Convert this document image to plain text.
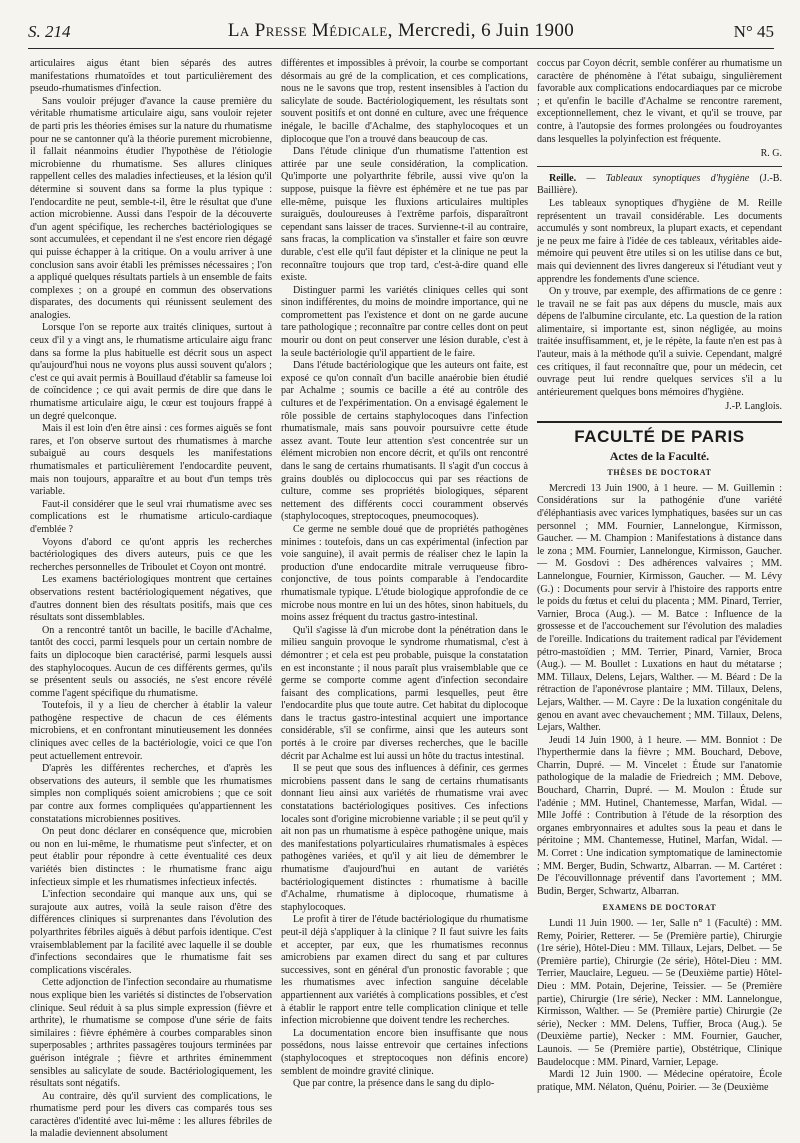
S. 214	La Presse Médicale, Mercredi, 6 Juin 1900	N° 45

articulaires aigus étant bien séparés des autres manifestations rhumatoïdes et tout particulièrement des pseudo-rhumatismes d'infection.

Sans vouloir préjuger d'avance la cause première du véritable rhumatisme articulaire aigu, sans vouloir rejeter de parti pris les théories émises sur la nature du rhumatisme pour ne se cantonner qu'à la théorie purement microbienne, il fallait néanmoins étudier l'hypothèse de l'étiologie microbienne du rhumatisme. Ses allures cliniques rappellent celles des maladies infectieuses, et la lésion qu'il détermine si souvent dans sa forme la plus typique : l'endocardite ne peut, semble-t-il, être le résultat que d'une action microbienne. Aussi dans l'espoir de la découverte d'un agent spécifique, les recherches bactériologiques se sont accumulées, et cependant il ne s'est encore rien dégagé qui puisse échapper à la critique. On a voulu arriver à une conclusion sans avoir établi les prémisses nécessaires ; l'on a appliqué quelques résultats partiels à un ensemble de faits complexes ; on a groupé en commun des observations disparates, des documents qui réunissent seulement des analogies.

Lorsque l'on se reporte aux traités cliniques, surtout à ceux d'il y a vingt ans, le rhumatisme articulaire aigu franc dans sa forme la plus habituelle est décrit sous un aspect qu'aujourd'hui nous ne voyons plus aussi souvent qu'alors ; c'est ce qui avait permis à Bouillaud d'établir sa fameuse loi de coïncidence ; ce qui avait permis de dire que dans le rhumatisme articulaire aigu, le cœur est toujours frappé à un degré quelconque.

Mais il est loin d'en être ainsi : ces formes aiguës se font rares, et l'on observe surtout des rhumatismes à marche subaiguë au cours desquels les manifestations rhumatismales et particulièrement l'endocardite peuvent, mais non toujours, apparaître et au bout d'un temps très variable.

Faut-il considérer que le seul vrai rhumatisme avec ses complications est le rhumatisme articulo-cardiaque d'emblée ?

Voyons d'abord ce qu'ont appris les recherches bactériologiques des divers auteurs, puis ce que les recherches personnelles de Triboulet et Coyon ont montré.

Les examens bactériologiques montrent que certaines observations restent bactériologiquement négatives, que d'autres donnent bien des résultats positifs, mais que ces résultats sont dissemblables.

On a rencontré tantôt un bacille, le bacille d'Achalme, tantôt des cocci, parmi lesquels pour un certain nombre de faits un diplocoque bien caractérisé, parmi lesquels aussi des staphylocoques. Aucun de ces différents germes, qu'ils se présentent seuls ou associés, ne s'est encore révélé comme l'agent spécifique du rhumatisme.

Toutefois, il y a lieu de chercher à établir la valeur pathogène respective de chacun de ces éléments microbiens, et en confrontant minutieusement les données cliniques avec celles de la bactériologie, voici ce que l'on peut actuellement entrevoir.

D'après les différentes recherches, et d'après les observations des auteurs, il semble que les rhumatismes simples non compliqués soient amicrobiens ; que ce soit par contre aux formes compliquées qu'appartiennent les constatations microbiennes positives.

On peut donc déclarer en conséquence que, microbien ou non en lui-même, le rhumatisme peut s'infecter, et on peut établir pour répondre à cette éventualité ces deux variétés bien distinctes : le rhumatisme franc aigu infectieux simple et les rhumatismes infectieux infectés.

L'infection secondaire qui manque aux uns, qui se surajoute aux autres, voilà la seule raison d'être des différences cliniques si surprenantes dans l'évolution des polyarthrites fébriles aiguës à début parfois identique. C'est vraisemblablement par la facilité avec laquelle il se double d'infections secondaires que le rhumatisme fait ses complications viscérales.

Cette adjonction de l'infection secondaire au rhumatisme nous explique bien les variétés si distinctes de l'observation clinique. Seul réduit à sa plus simple expression (fièvre et arthrite), le rhumatisme se compose d'une série de faits similaires : fièvre éphémère à courbes comparables sinon superposables ; arthrites passagères toujours terminées par guérison intégrale ; fièvre et arthrites éminemment sensibles au salicylate de soude. Bactériologiquement, les résultats sont négatifs.

Au contraire, dès qu'il survient des complications, le rhumatisme perd pour les divers cas comparés tous ses caractères d'identité avec lui-même : les allures fébriles de la maladie deviennent absolument

différentes et impossibles à prévoir, la courbe se comportant désormais au gré de la complication, et ces complications, nous ne le savons que trop, restent insensibles à l'action du salicylate de soude. Bactériologiquement, les résultats sont souvent positifs et ont donné en culture, avec une fréquence inégale, le bacille d'Achalme, des staphylocoques et un diplocoque que l'on a trouvé dans beaucoup de cas.

Dans l'étude clinique d'un rhumatisme l'attention est attirée par une seule considération, la complication. Qu'importe une polyarthrite fébrile, aussi vive qu'on la suppose, puisque la fièvre est éphémère et ne tue pas par elle-même, puisque les fluxions articulaires multiples suraiguës, douloureuses à l'extrême parfois, disparaîtront cependant sans laisser de traces. Survienne-t-il au contraire, sans fracas, la complication va s'installer et faire son œuvre durable, c'est elle qu'il faut dépister et la clinique ne peut la reconnaître toujours que trop tard, c'est-à-dire quand elle existe.

Distinguer parmi les variétés cliniques celles qui sont sinon indifférentes, du moins de moindre importance, qui ne compromettent pas l'existence et dont on ne garde aucune tare pathologique ; reconnaître par contre celles dont on peut mourir ou dont on peut conserver une lésion durable, c'est à la seule bactériologie qu'il appartient de le faire.

Dans l'étude bactériologique que les auteurs ont faite, est exposé ce qu'on connaît d'un bacille anaérobie bien étudié par Achalme ; soumis ce bacille a été au contrôle des cultures et de l'expérimentation. On a envisagé également le rôle possible de certains staphylocoques dans l'infection rhumatismale, mais sans pouvoir poursuivre cette étude assez avant. Toute leur attention s'est concentrée sur un élément microbien non encore décrit, et qu'ils ont rencontré dans le sang de certains rhumatisants. Il s'agit d'un coccus à grains doublés ou diplococcus qui par ses réactions de culture, comme ses propriétés biologiques, séparent nettement des différents cocci couramment observés (staphylocoques, streptocoques, pneumocoques).

Ce germe ne semble doué que de propriétés pathogènes minimes : toutefois, dans un cas expérimental (infection par voie sanguine), il avait permis de réaliser chez le lapin la production d'une endocardite mitrale verruqueuse fibro-conjonctive, de tous points comparable à l'endocardite rhumatismale typique. L'étude biologique approfondie de ce microbe nous montre en lui un des hôtes, sinon habituels, du moins assez fréquent du tractus gastro-intestinal.

Qu'il s'agisse là d'un microbe dont la pénétration dans le milieu sanguin provoque le syndrome rhumatismal, c'est à démontrer ; et cela est peu probable, puisque la constatation en est inconstante ; il nous paraît plus vraisemblable que ce germe se comporte comme agent d'infection secondaire faisant des complications, parmi lesquelles, peut être l'endocardite plus que toute autre. Cet habitat du diplocoque dans le tractus gastro-intestinal acquiert une importance considérable, s'il se confirme, ainsi que les auteurs sont portés à le croire par diverses recherches, que le bacille décrit par Achalme est lui aussi un hôte du tractus intestinal.

Il se peut que sous des influences à définir, ces germes microbiens passent dans le sang de certains rhumatisants donnant lieu ainsi aux variétés de rhumatisme vrai avec constatations bactériologiques positives. Ces infections locales sont d'origine microbienne variable ; il se peut qu'il y ait non pas un rhumatisme à espèce pathogène unique, mais des manifestations polyarticulaires rhumatismales à espèces pathogènes variées, et qu'il y ait lieu de démembrer le rhumatisme d'aujourd'hui en autant de variétés bactériologiquement distinctes : rhumatisme à bacille d'Achalme, rhumatisme à diplocoque, rhumatisme à staphylocoques.

Le profit à tirer de l'étude bactériologique du rhumatisme peut-il déjà s'appliquer à la clinique ? Il faut suivre les faits et accepter, par eux, que les rhumatismes reconnus amicrobiens par examen direct du sang et par cultures successives, sont en général d'un pronostic favorable ; que les rhumatismes avec infection sanguine décelable appartiennent aux variétés à complications possibles, et c'est à établir le rapport entre telle complication clinique et telle infection microbienne que doivent tendre les recherches.

La documentation encore bien insuffisante que nous possédons, nous laisse entrevoir que certaines infections (staphylocoques et streptocoques non définis encore) semblent de moindre gravité clinique.

Que par contre, la présence dans le sang du diplo-

coccus par Coyon décrit, semble conférer au rhumatisme un caractère de phénomène à l'état subaigu, singulièrement favorable aux complications endocardiaques par ce microbe ; et qu'enfin le bacille d'Achalme se rencontre rarement, exceptionnellement, chez le vivant, et qu'il se trouve, par contre, à l'autopsie des formes prolongées ou foudroyantes dans lesquelles la polyinfection est fréquente.

R. G.

Reille. — Tableaux synoptiques d'hygiène (J.-B. Baillière).

Les tableaux synoptiques d'hygiène de M. Reille représentent un travail considérable. Les documents accumulés y sont nombreux, la plupart exacts, et cependant je ne peux me faire à l'idée de ces tableaux, véritables aide-mémoire qui peuvent être utiles si on les utilise dans ce but, mais qui deviennent des livres dangereux si l'étudiant veut y apprendre les fondements d'une science.

On y trouve, par exemple, des affirmations de ce genre : le travail ne se fait pas aux dépens du muscle, mais aux dépens de l'albumine circulante, etc. La question de la ration alimentaire, si importante est, sinon négligée, au moins traitée insuffisamment, et, je le répète, la faute n'en est pas à l'auteur, mais à la méthode qu'il a suivie. Cependant, malgré ces critiques, il faut reconnaître que, pour un médecin, cet ouvrage peut lui rendre quelques services s'il a lu antérieurement quelques bons mémoires d'hygiène.

J.-P. Langlois.
FACULTÉ DE PARIS
Actes de la Faculté.
THÈSES DE DOCTORAT

Mercredi 13 Juin 1900, à 1 heure. — M. Guillemin : Considérations sur la pathogénie d'une variété d'éléphantiasis avec varices lymphatiques, basées sur un cas personnel ; MM. Fournier, Lannelongue, Kirmisson, Gaucher. — M. Champion : Manifestations à distance dans le zona ; MM. Fournier, Lannelongue, Kirmisson, Gaucher. — M. Gosdovi : Des adhérences valvaires ; MM. Lannelongue, Fournier, Kirmisson, Gaucher. — M. Lévy (G.) : Documents pour servir à l'histoire des rapports entre le poids du fœtus et celui du placenta ; MM. Pinard, Terrier, Varnier, Broca (Aug.). — M. Batce : Influence de la grossesse et de l'accouchement sur l'évolution des maladies de l'oreille. Indications du traitement radical par l'évidement pétro-mastoïdien ; MM. Terrier, Pinard, Varnier, Broca (Aug.). — M. Boullet : Luxations en haut du métatarse ; MM. Tillaux, Delens, Lejars, Walther. — M. Béard : De la rétraction de l'aponévrose plantaire ; MM. Tillaux, Delens, Lejars, Walther. — M. Cayre : De la luxation congénitale du genou en avant avec chevauchement ; MM. Tillaux, Delens, Lejars, Walther.

Jeudi 14 Juin 1900, à 1 heure. — MM. Bonniot : De l'hyperthermie dans la fièvre ; MM. Bouchard, Debove, Charrin, Dupré. — M. Vincelet : Étude sur l'anatomie pathologique de la maladie de Friedreich ; MM. Debove, Bouchard, Charrin, Dupré. — M. Moulon : Étude sur l'adénie ; MM. Hutinel, Chantemesse, Marfan, Widal. — Mlle Joffé : Contribution à l'étude de la résorption des organes embryonnaires et adultes sous la peau et dans le péritoine ; MM. Chantemesse, Hutinel, Marfan, Widal. — M. Corret : Une indication symptomatique de laminectomie ; MM. Berger, Budin, Schwartz, Albarran. — M. Cartéret : De l'écouvillonnage préventif dans l'avortement ; MM. Budin, Berger, Schwartz, Albarran.

EXAMENS DE DOCTORAT

Lundi 11 Juin 1900. — 1er, Salle n° 1 (Faculté) : MM. Remy, Poirier, Retterer. — 5e (Première partie), Chirurgie (1re série), Hôtel-Dieu : MM. Tillaux, Lejars, Delbet. — 5e (Première partie), Chirurgie (2e série), Hôtel-Dieu : MM. Terrier, Mauclaire, Legueu. — 5e (Deuxième partie) Hôtel-Dieu : MM. Potain, Dejerine, Teissier. — 5e (Première partie), Chirurgie (1re série), Necker : MM. Lannelongue, Kirmisson, Walther. — 5e (Première partie) Chirurgie (2e série), Necker : MM. Delens, Tuffier, Broca (Aug.). 5e (Deuxième partie), Necker : MM. Fournier, Gaucher, Launois. — 5e (Première partie), Obstétrique, Clinique Baudelocque : MM. Pinard, Varnier, Lepage.

Mardi 12 Juin 1900. — Médecine opératoire, École pratique, MM. Nélaton, Quénu, Poirier. — 3e (Deuxième
